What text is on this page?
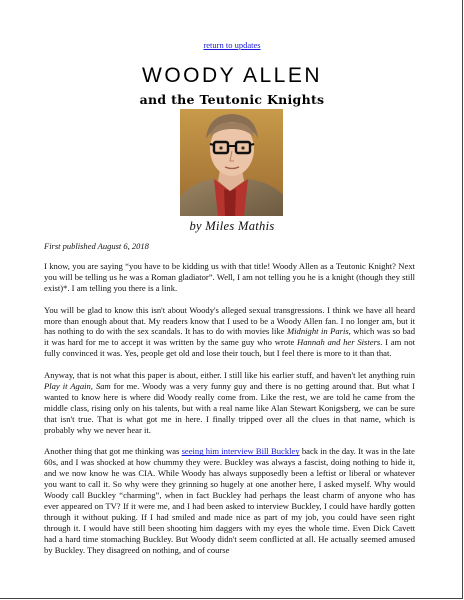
return to updates
WOODY ALLEN
and the Teutonic Knights
by Miles Mathis
First published August 6, 2018

I know, you are saying “you have to be kidding us with that title! Woody Allen as a Teutonic Knight? Next you will be telling us he was a Roman gladiator”. Well, I am not telling you he is a knight (though they still exist)*. I am telling you there is a link.

You will be glad to know this isn't about Woody's alleged sexual transgressions. I think we have all heard more than enough about that. My readers know that I used to be a Woody Allen fan. I no longer am, but it has nothing to do with the sex scandals. It has to do with movies like Midnight in Paris, which was so bad it was hard for me to accept it was written by the same guy who wrote Hannah and her Sisters. I am not fully convinced it was. Yes, people get old and lose their touch, but I feel there is more to it than that.

Anyway, that is not what this paper is about, either. I still like his earlier stuff, and haven't let anything ruin Play it Again, Sam for me. Woody was a very funny guy and there is no getting around that. But what I wanted to know here is where did Woody really come from. Like the rest, we are told he came from the middle class, rising only on his talents, but with a real name like Alan Stewart Konigsberg, we can be sure that isn't true. That is what got me in here. I finally tripped over all the clues in that name, which is probably why we never hear it.

Another thing that got me thinking was seeing him interview Bill Buckley back in the day. It was in the late 60s, and I was shocked at how chummy they were. Buckley was always a fascist, doing nothing to hide it, and we now know he was CIA. While Woody has always supposedly been a leftist or liberal or whatever you want to call it. So why were they grinning so hugely at one another here, I asked myself. Why would Woody call Buckley “charming”, when in fact Buckley had perhaps the least charm of anyone who has ever appeared on TV? If it were me, and I had been asked to interview Buckley, I could have hardly gotten through it without puking. If I had smiled and made nice as part of my job, you could have seen right through it. I would have still been shooting him daggers with my eyes the whole time. Even Dick Cavett had a hard time stomaching Buckley. But Woody didn't seem conflicted at all. He actually seemed amused by Buckley. They disagreed on nothing, and of course
